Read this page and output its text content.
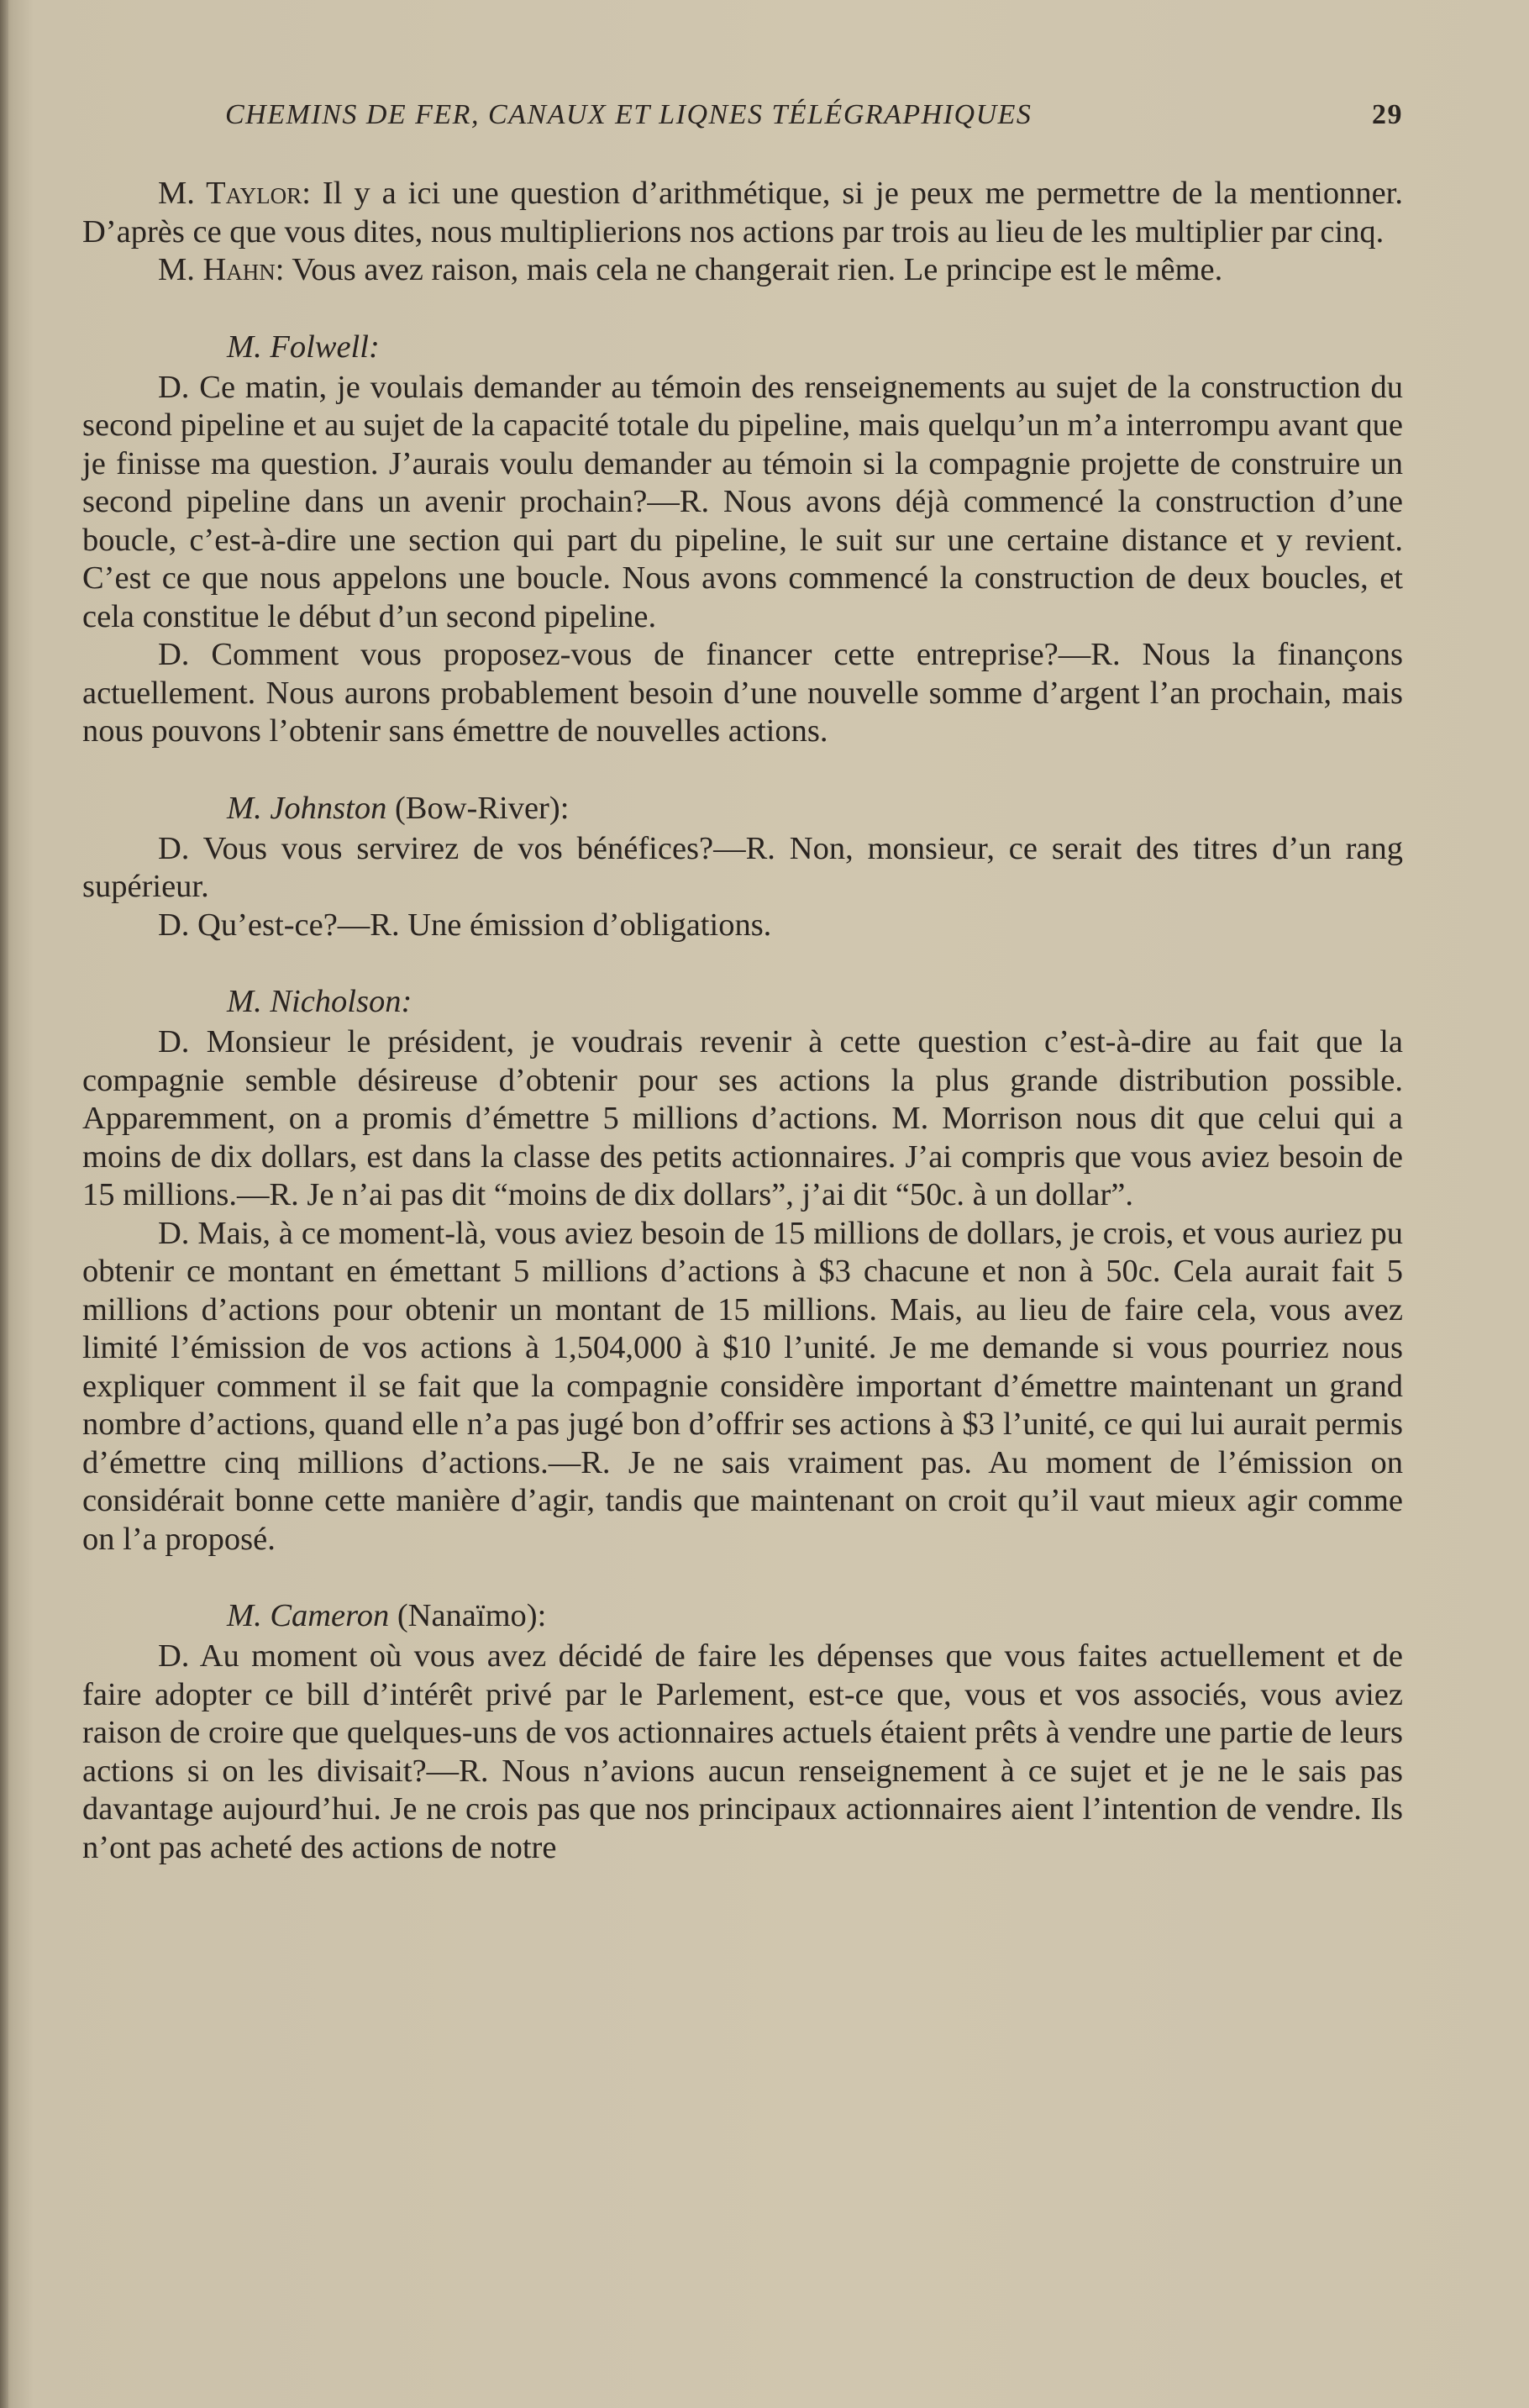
CHEMINS DE FER, CANAUX ET LIQNES TÉLÉGRAPHIQUES	29

M. Taylor: Il y a ici une question d’arithmétique, si je peux me permettre de la mentionner. D’après ce que vous dites, nous multiplierions nos actions par trois au lieu de les multiplier par cinq.

M. Hahn: Vous avez raison, mais cela ne changerait rien. Le principe est le même.

M. Folwell:

D. Ce matin, je voulais demander au témoin des renseignements au sujet de la construction du second pipeline et au sujet de la capacité totale du pipeline, mais quelqu’un m’a interrompu avant que je finisse ma question. J’aurais voulu demander au témoin si la compagnie projette de construire un second pipeline dans un avenir prochain?—R. Nous avons déjà commencé la construction d’une boucle, c’est-à-dire une section qui part du pipeline, le suit sur une certaine distance et y revient. C’est ce que nous appelons une boucle. Nous avons commencé la construction de deux boucles, et cela constitue le début d’un second pipeline.

D. Comment vous proposez-vous de financer cette entreprise?—R. Nous la finançons actuellement. Nous aurons probablement besoin d’une nouvelle somme d’argent l’an prochain, mais nous pouvons l’obtenir sans émettre de nouvelles actions.

M. Johnston (Bow-River):

D. Vous vous servirez de vos bénéfices?—R. Non, monsieur, ce serait des titres d’un rang supérieur.

D. Qu’est-ce?—R. Une émission d’obligations.

M. Nicholson:

D. Monsieur le président, je voudrais revenir à cette question c’est-à-dire au fait que la compagnie semble désireuse d’obtenir pour ses actions la plus grande distribution possible. Apparemment, on a promis d’émettre 5 millions d’actions. M. Morrison nous dit que celui qui a moins de dix dollars, est dans la classe des petits actionnaires. J’ai compris que vous aviez besoin de 15 millions.—R. Je n’ai pas dit “moins de dix dollars”, j’ai dit “50c. à un dollar”.

D. Mais, à ce moment-là, vous aviez besoin de 15 millions de dollars, je crois, et vous auriez pu obtenir ce montant en émettant 5 millions d’actions à $3 chacune et non à 50c. Cela aurait fait 5 millions d’actions pour obtenir un montant de 15 millions. Mais, au lieu de faire cela, vous avez limité l’émission de vos actions à 1,504,000 à $10 l’unité. Je me demande si vous pourriez nous expliquer comment il se fait que la compagnie considère important d’émettre maintenant un grand nombre d’actions, quand elle n’a pas jugé bon d’offrir ses actions à $3 l’unité, ce qui lui aurait permis d’émettre cinq millions d’actions.—R. Je ne sais vraiment pas. Au moment de l’émission on considérait bonne cette manière d’agir, tandis que maintenant on croit qu’il vaut mieux agir comme on l’a proposé.

M. Cameron (Nanaïmo):

D. Au moment où vous avez décidé de faire les dépenses que vous faites actuellement et de faire adopter ce bill d’intérêt privé par le Parlement, est-ce que, vous et vos associés, vous aviez raison de croire que quelques-uns de vos actionnaires actuels étaient prêts à vendre une partie de leurs actions si on les divisait?—R. Nous n’avions aucun renseignement à ce sujet et je ne le sais pas davantage aujourd’hui. Je ne crois pas que nos principaux actionnaires aient l’intention de vendre. Ils n’ont pas acheté des actions de notre
